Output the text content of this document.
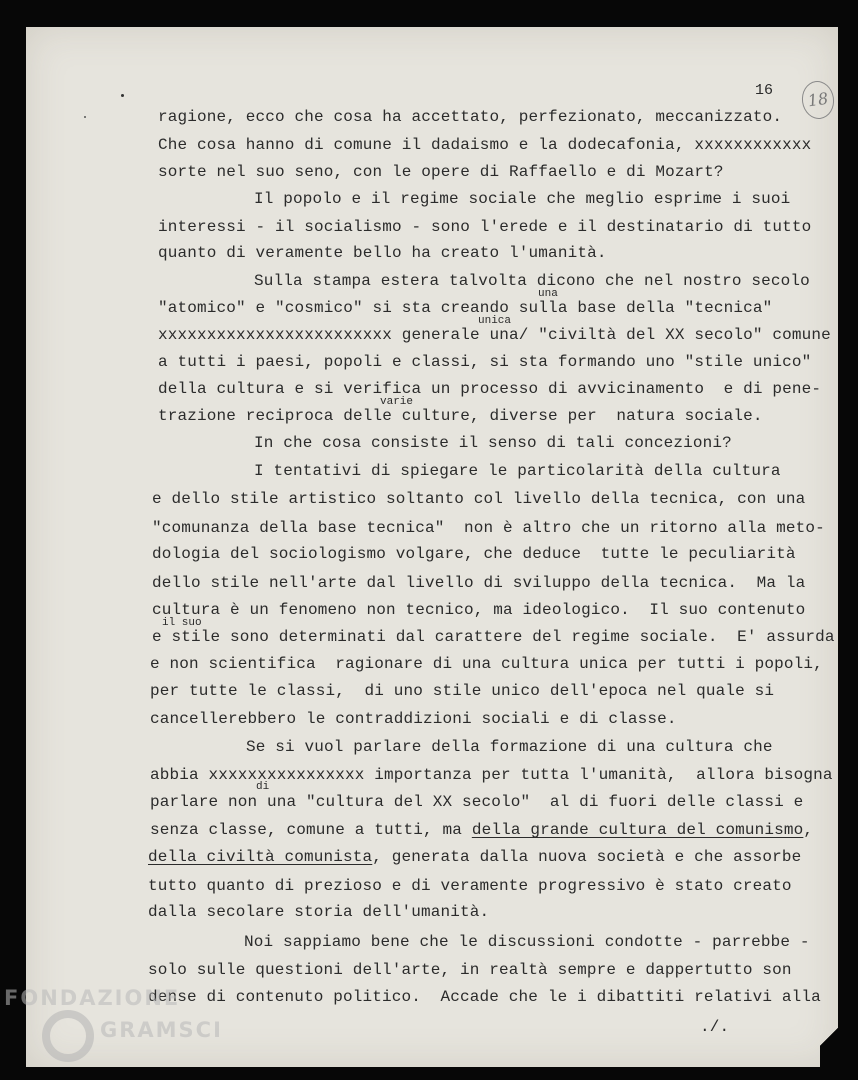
16	18
ragione, ecco che cosa ha accettato, perfezionato, meccanizzato.
Che cosa hanno di comune il dadaismo e la dodecafonia, xxxxxxxxxxxx
sorte nel suo seno, con le opere di Raffaello e di Mozart?
Il popolo e il regime sociale che meglio esprime i suoi
interessi - il socialismo - sono l'erede e il destinatario di tutto
quanto di veramente bello ha creato l'umanità.
Sulla stampa estera talvolta dicono che nel nostro secolo
una
"atomico" e "cosmico" si sta creando sulla base della "tecnica"
unica
xxxxxxxxxxxxxxxxxxxxxxxx generale una/ "civiltà del XX secolo" comune
a tutti i paesi, popoli e classi, si sta formando uno "stile unico"
della cultura e si verifica un processo di avvicinamento  e di pene-
varie
trazione reciproca delle culture, diverse per  natura sociale.
In che cosa consiste il senso di tali concezioni?
I tentativi di spiegare le particolarità della cultura
e dello stile artistico soltanto col livello della tecnica, con una
"comunanza della base tecnica"  non è altro che un ritorno alla meto-
dologia del sociologismo volgare, che deduce  tutte le peculiarità
dello stile nell'arte dal livello di sviluppo della tecnica.  Ma la
cultura è un fenomeno non tecnico, ma ideologico.  Il suo contenuto
il suo
e stile sono determinati dal carattere del regime sociale.  E' assurda
e non scientifica  ragionare di una cultura unica per tutti i popoli,
per tutte le classi,  di uno stile unico dell'epoca nel quale si
cancellerebbero le contraddizioni sociali e di classe.
Se si vuol parlare della formazione di una cultura che
abbia xxxxxxxxxxxxxxxx importanza per tutta l'umanità,  allora bisogna
di
parlare non una "cultura del XX secolo"  al di fuori delle classi e
senza classe, comune a tutti, ma della grande cultura del comunismo,
della civiltà comunista, generata dalla nuova società e che assorbe
tutto quanto di prezioso e di veramente progressivo è stato creato
dalla secolare storia dell'umanità.
Noi sappiamo bene che le discussioni condotte - parrebbe -
solo sulle questioni dell'arte, in realtà sempre e dappertutto son
dense di contenuto politico.  Accade che le i dibattiti relativi alla
./.
FONDAZIONE
GRAMSCI
